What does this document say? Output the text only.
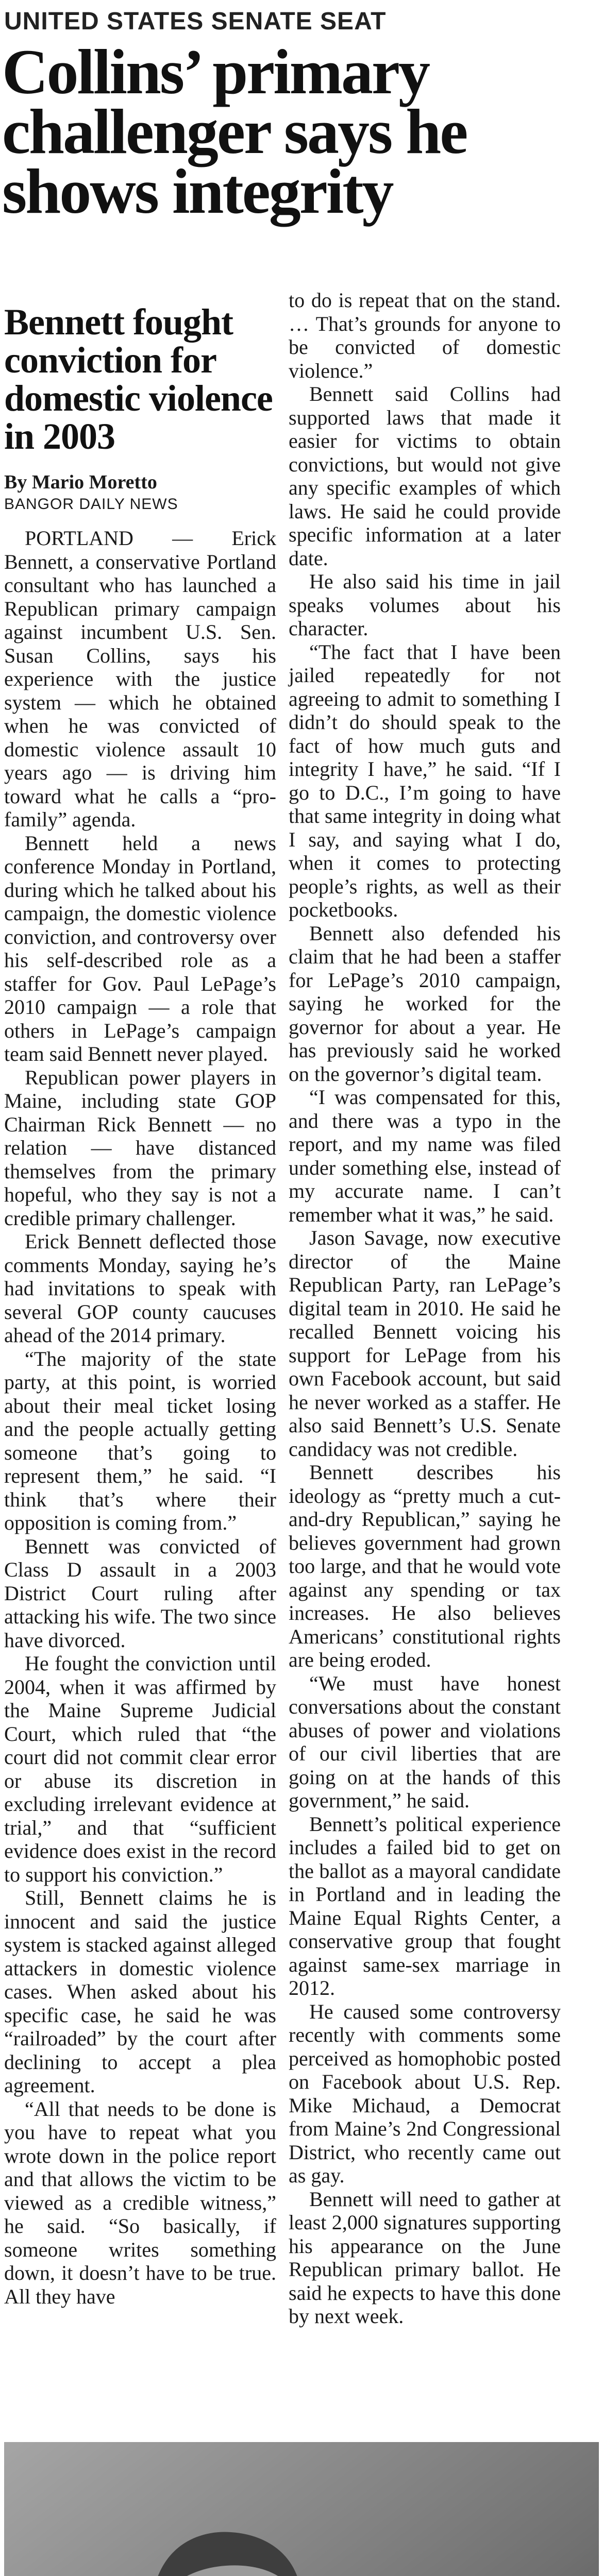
UNITED STATES SENATE SEAT
Collins’ primary
challenger says he
shows integrity
Bennett fought conviction for domestic violence in 2003
By Mario Moretto
BANGOR DAILY NEWS

PORTLAND — Erick Bennett, a conservative Portland consultant who has launched a Republican primary campaign against incumbent U.S. Sen. Susan Collins, says his experience with the justice system — which he obtained when he was convicted of domestic violence assault 10 years ago — is driving him toward what he calls a “pro-family” agenda.

Bennett held a news conference Monday in Portland, during which he talked about his campaign, the domestic violence conviction, and controversy over his self-described role as a staffer for Gov. Paul LePage’s 2010 campaign — a role that others in LePage’s campaign team said Bennett never played.

Republican power players in Maine, including state GOP Chairman Rick Bennett — no relation — have distanced themselves from the primary hopeful, who they say is not a credible primary challenger.

Erick Bennett deflected those comments Monday, saying he’s had invitations to speak with several GOP county caucuses ahead of the 2014 primary.

“The majority of the state party, at this point, is worried about their meal ticket losing and the people actually getting someone that’s going to represent them,” he said. “I think that’s where their opposition is coming from.”

Bennett was convicted of Class D assault in a 2003 District Court ruling after attacking his wife. The two since have divorced.

He fought the conviction until 2004, when it was affirmed by the Maine Supreme Judicial Court, which ruled that “the court did not commit clear error or abuse its discretion in excluding irrelevant evidence at trial,” and that “sufficient evidence does exist in the record to support his conviction.”

Still, Bennett claims he is innocent and said the justice system is stacked against alleged attackers in domestic violence cases. When asked about his specific case, he said he was “railroaded” by the court after declining to accept a plea agreement.

“All that needs to be done is you have to repeat what you wrote down in the police report and that allows the victim to be viewed as a credible witness,” he said. “So basically, if someone writes something down, it doesn’t have to be true. All they have

to do is repeat that on the stand. … That’s grounds for anyone to be convicted of domestic violence.”

Bennett said Collins had supported laws that made it easier for victims to obtain convictions, but would not give any specific examples of which laws. He said he could provide specific information at a later date.

He also said his time in jail speaks volumes about his character.

“The fact that I have been jailed repeatedly for not agreeing to admit to something I didn’t do should speak to the fact of how much guts and integrity I have,” he said. “If I go to D.C., I’m going to have that same integrity in doing what I say, and saying what I do, when it comes to protecting people’s rights, as well as their pocketbooks.

Bennett also defended his claim that he had been a staffer for LePage’s 2010 campaign, saying he worked for the governor for about a year. He has previously said he worked on the governor’s digital team.

“I was compensated for this, and there was a typo in the report, and my name was filed under something else, instead of my accurate name. I can’t remember what it was,” he said.

Jason Savage, now executive director of the Maine Republican Party, ran LePage’s digital team in 2010. He said he recalled Bennett voicing his support for LePage from his own Facebook account, but said he never worked as a staffer. He also said Bennett’s U.S. Senate candidacy was not credible.

Bennett describes his ideology as “pretty much a cut-and-dry Republican,” saying he believes government had grown too large, and that he would vote against any spending or tax increases. He also believes Americans’ constitutional rights are being eroded.

“We must have honest conversations about the constant abuses of power and violations of our civil liberties that are going on at the hands of this government,” he said.

Bennett’s political experience includes a failed bid to get on the ballot as a mayoral candidate in Portland and in leading the Maine Equal Rights Center, a conservative group that fought against same-sex marriage in 2012.

He caused some controversy recently with comments some perceived as homophobic posted on Facebook about U.S. Rep. Mike Michaud, a Democrat from Maine’s 2nd Congressional District, who recently came out as gay.

Bennett will need to gather at least 2,000 signatures supporting his appearance on the June Republican primary ballot. He said he expects to have this done by next week.
